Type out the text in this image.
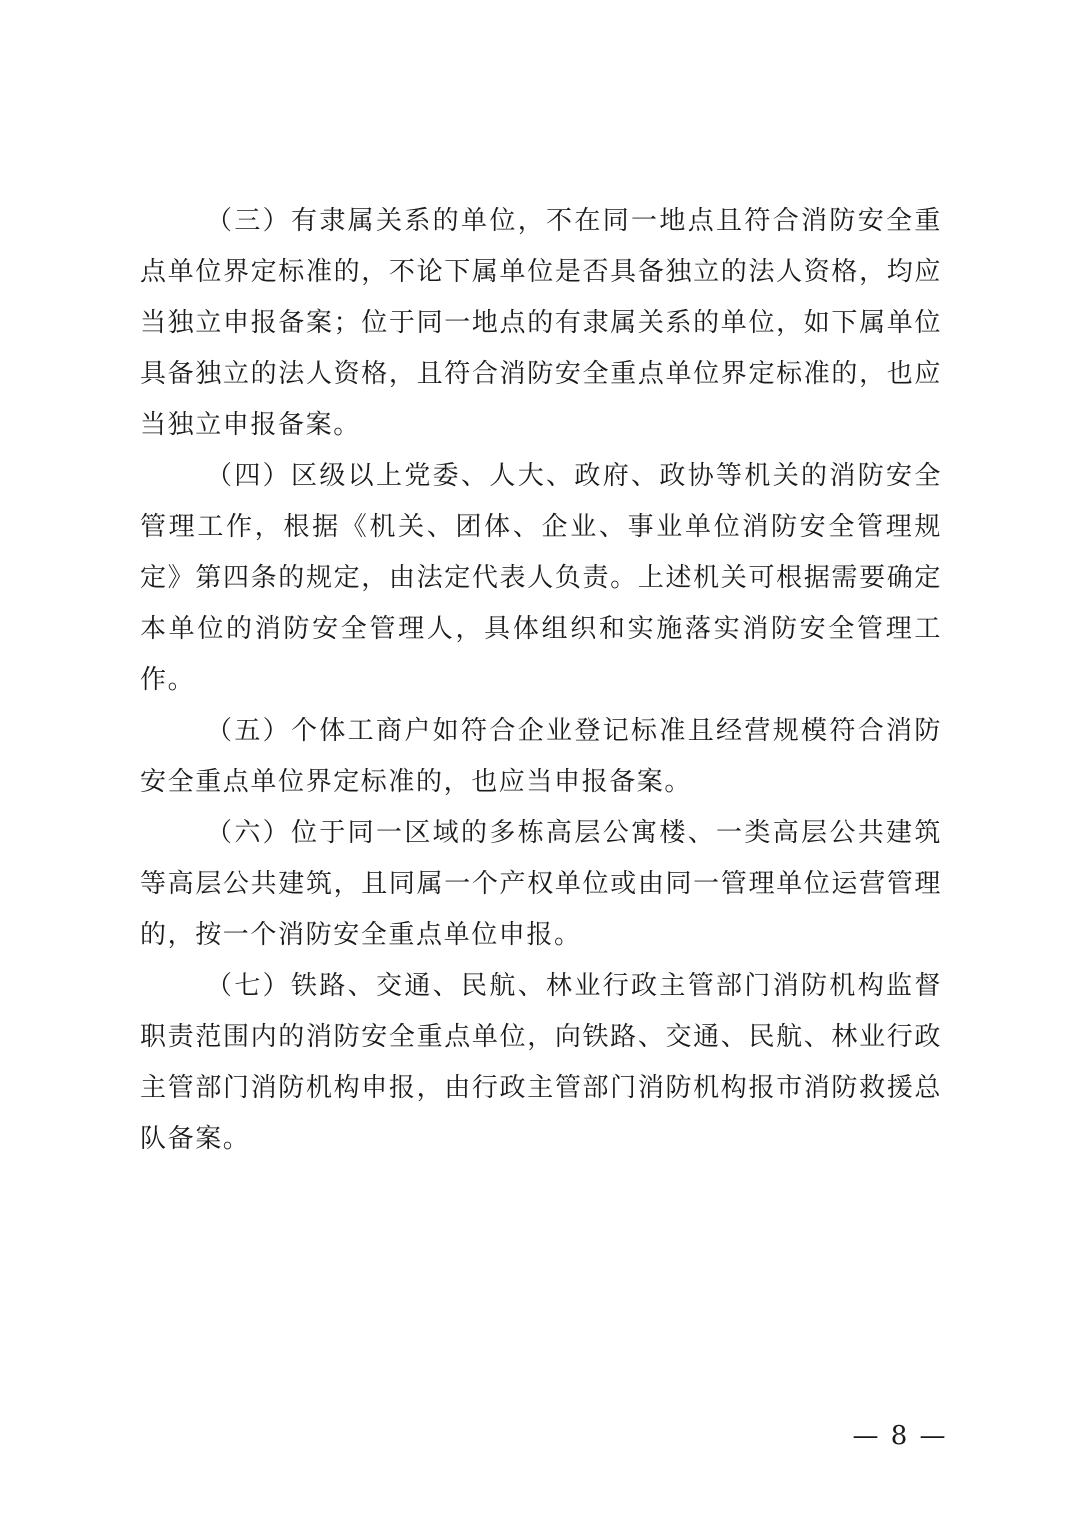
（三）有隶属关系的单位，不在同一地点且符合消防安全重点单位界定标准的，不论下属单位是否具备独立的法人资格，均应当独立申报备案；位于同一地点的有隶属关系的单位，如下属单位具备独立的法人资格，且符合消防安全重点单位界定标准的，也应当独立申报备案。

（四）区级以上党委、人大、政府、政协等机关的消防安全管理工作，根据《机关、团体、企业、事业单位消防安全管理规定》第四条的规定，由法定代表人负责。上述机关可根据需要确定本单位的消防安全管理人，具体组织和实施落实消防安全管理工作。

（五）个体工商户如符合企业登记标准且经营规模符合消防安全重点单位界定标准的，也应当申报备案。

（六）位于同一区域的多栋高层公寓楼、一类高层公共建筑等高层公共建筑，且同属一个产权单位或由同一管理单位运营管理的，按一个消防安全重点单位申报。

（七）铁路、交通、民航、林业行政主管部门消防机构监督职责范围内的消防安全重点单位，向铁路、交通、民航、林业行政主管部门消防机构申报，由行政主管部门消防机构报市消防救援总队备案。

— 8 —
